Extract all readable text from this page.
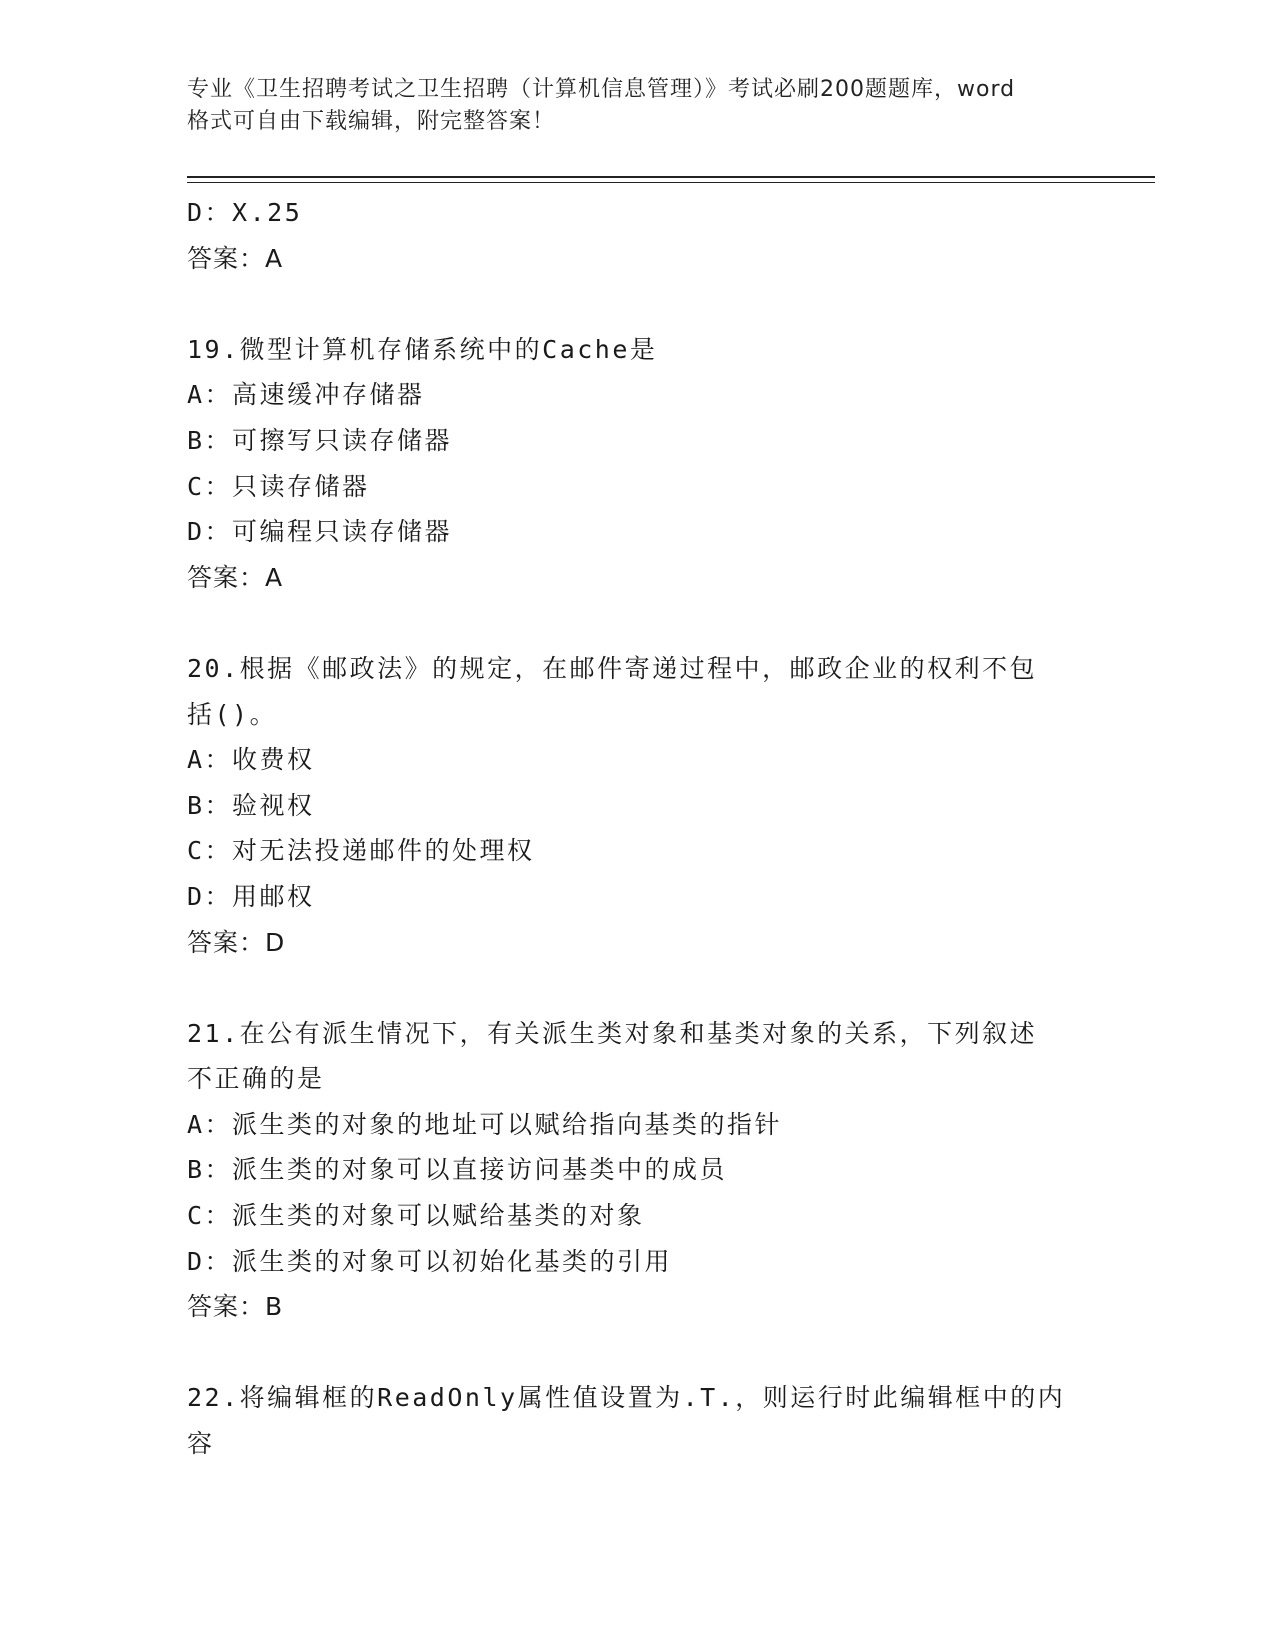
专业《卫生招聘考试之卫生招聘（计算机信息管理）》考试必刷200题题库，word
格式可自由下载编辑，附完整答案！
D：X.25
答案：A
19.微型计算机存储系统中的Cache是
A：高速缓冲存储器
B：可擦写只读存储器
C：只读存储器
D：可编程只读存储器
答案：A
20.根据《邮政法》的规定，在邮件寄递过程中，邮政企业的权利不包
括()。
A：收费权
B：验视权
C：对无法投递邮件的处理权
D：用邮权
答案：D
21.在公有派生情况下，有关派生类对象和基类对象的关系，下列叙述
不正确的是
A：派生类的对象的地址可以赋给指向基类的指针
B：派生类的对象可以直接访问基类中的成员
C：派生类的对象可以赋给基类的对象
D：派生类的对象可以初始化基类的引用
答案：B
22.将编辑框的ReadOnly属性值设置为.T.，则运行时此编辑框中的内
容
